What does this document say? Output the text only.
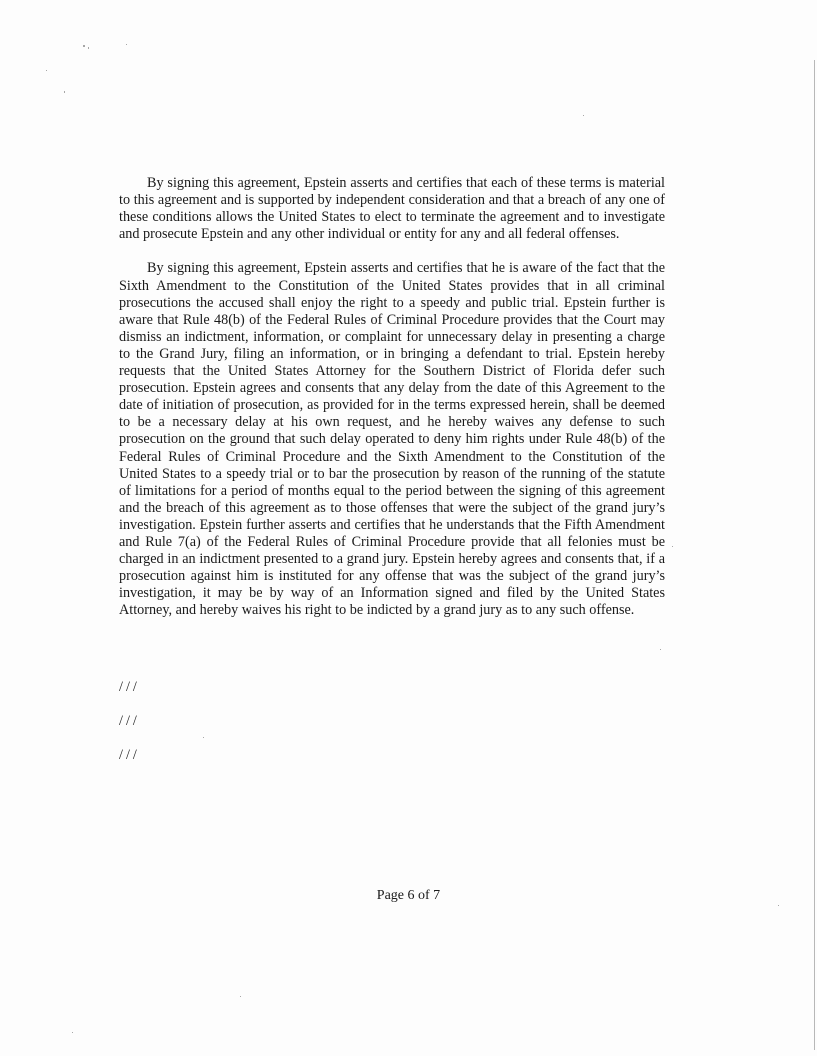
By signing this agreement, Epstein asserts and certifies that each of these terms is material to this agreement and is supported by independent consideration and that a breach of any one of these conditions allows the United States to elect to terminate the agreement and to investigate and prosecute Epstein and any other individual or entity for any and all federal offenses.

By signing this agreement, Epstein asserts and certifies that he is aware of the fact that the Sixth Amendment to the Constitution of the United States provides that in all criminal prosecutions the accused shall enjoy the right to a speedy and public trial. Epstein further is aware that Rule 48(b) of the Federal Rules of Criminal Procedure provides that the Court may dismiss an indictment, information, or complaint for unnecessary delay in presenting a charge to the Grand Jury, filing an information, or in bringing a defendant to trial. Epstein hereby requests that the United States Attorney for the Southern District of Florida defer such prosecution. Epstein agrees and consents that any delay from the date of this Agreement to the date of initiation of prosecution, as provided for in the terms expressed herein, shall be deemed to be a necessary delay at his own request, and he hereby waives any defense to such prosecution on the ground that such delay operated to deny him rights under Rule 48(b) of the Federal Rules of Criminal Procedure and the Sixth Amendment to the Constitution of the United States to a speedy trial or to bar the prosecution by reason of the running of the statute of limitations for a period of months equal to the period between the signing of this agreement and the breach of this agreement as to those offenses that were the subject of the grand jury’s investigation. Epstein further asserts and certifies that he understands that the Fifth Amendment and Rule 7(a) of the Federal Rules of Criminal Procedure provide that all felonies must be charged in an indictment presented to a grand jury. Epstein hereby agrees and consents that, if a prosecution against him is instituted for any offense that was the subject of the grand jury’s investigation, it may be by way of an Information signed and filed by the United States Attorney, and hereby waives his right to be indicted by a grand jury as to any such offense.

///
///
///
Page 6 of 7
